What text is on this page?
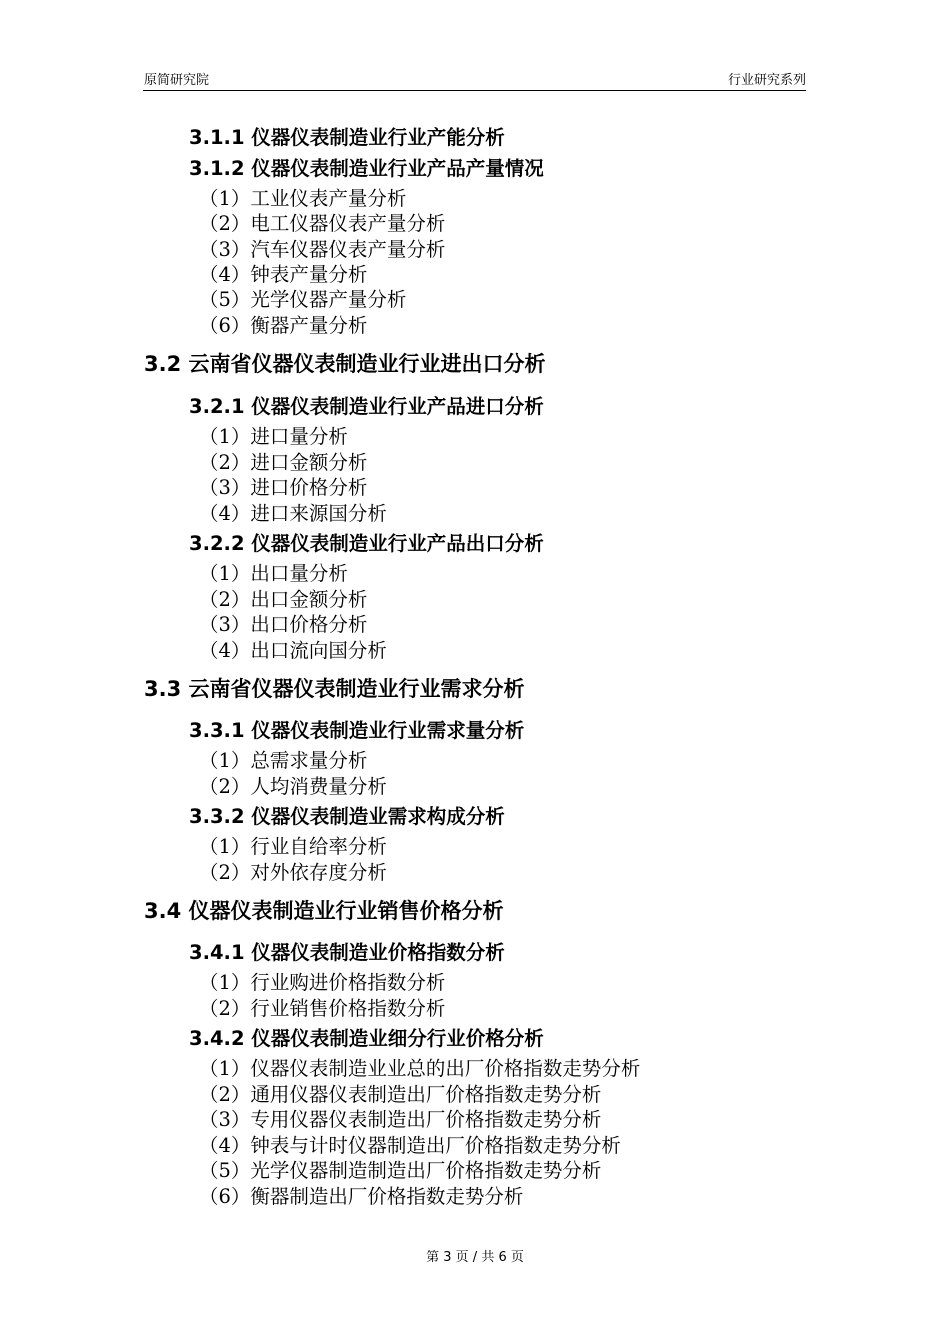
原简研究院	行业研究系列
3.1.1 仪器仪表制造业行业产能分析
3.1.2 仪器仪表制造业行业产品产量情况
（1）工业仪表产量分析
（2）电工仪器仪表产量分析
（3）汽车仪器仪表产量分析
（4）钟表产量分析
（5）光学仪器产量分析
（6）衡器产量分析
3.2 云南省仪器仪表制造业行业进出口分析
3.2.1 仪器仪表制造业行业产品进口分析
（1）进口量分析
（2）进口金额分析
（3）进口价格分析
（4）进口来源国分析
3.2.2 仪器仪表制造业行业产品出口分析
（1）出口量分析
（2）出口金额分析
（3）出口价格分析
（4）出口流向国分析
3.3 云南省仪器仪表制造业行业需求分析
3.3.1 仪器仪表制造业行业需求量分析
（1）总需求量分析
（2）人均消费量分析
3.3.2 仪器仪表制造业需求构成分析
（1）行业自给率分析
（2）对外依存度分析
3.4 仪器仪表制造业行业销售价格分析
3.4.1 仪器仪表制造业价格指数分析
（1）行业购进价格指数分析
（2）行业销售价格指数分析
3.4.2 仪器仪表制造业细分行业价格分析
（1）仪器仪表制造业业总的出厂价格指数走势分析
（2）通用仪器仪表制造出厂价格指数走势分析
（3）专用仪器仪表制造出厂价格指数走势分析
（4）钟表与计时仪器制造出厂价格指数走势分析
（5）光学仪器制造制造出厂价格指数走势分析
（6）衡器制造出厂价格指数走势分析
第 3 页 / 共 6 页
